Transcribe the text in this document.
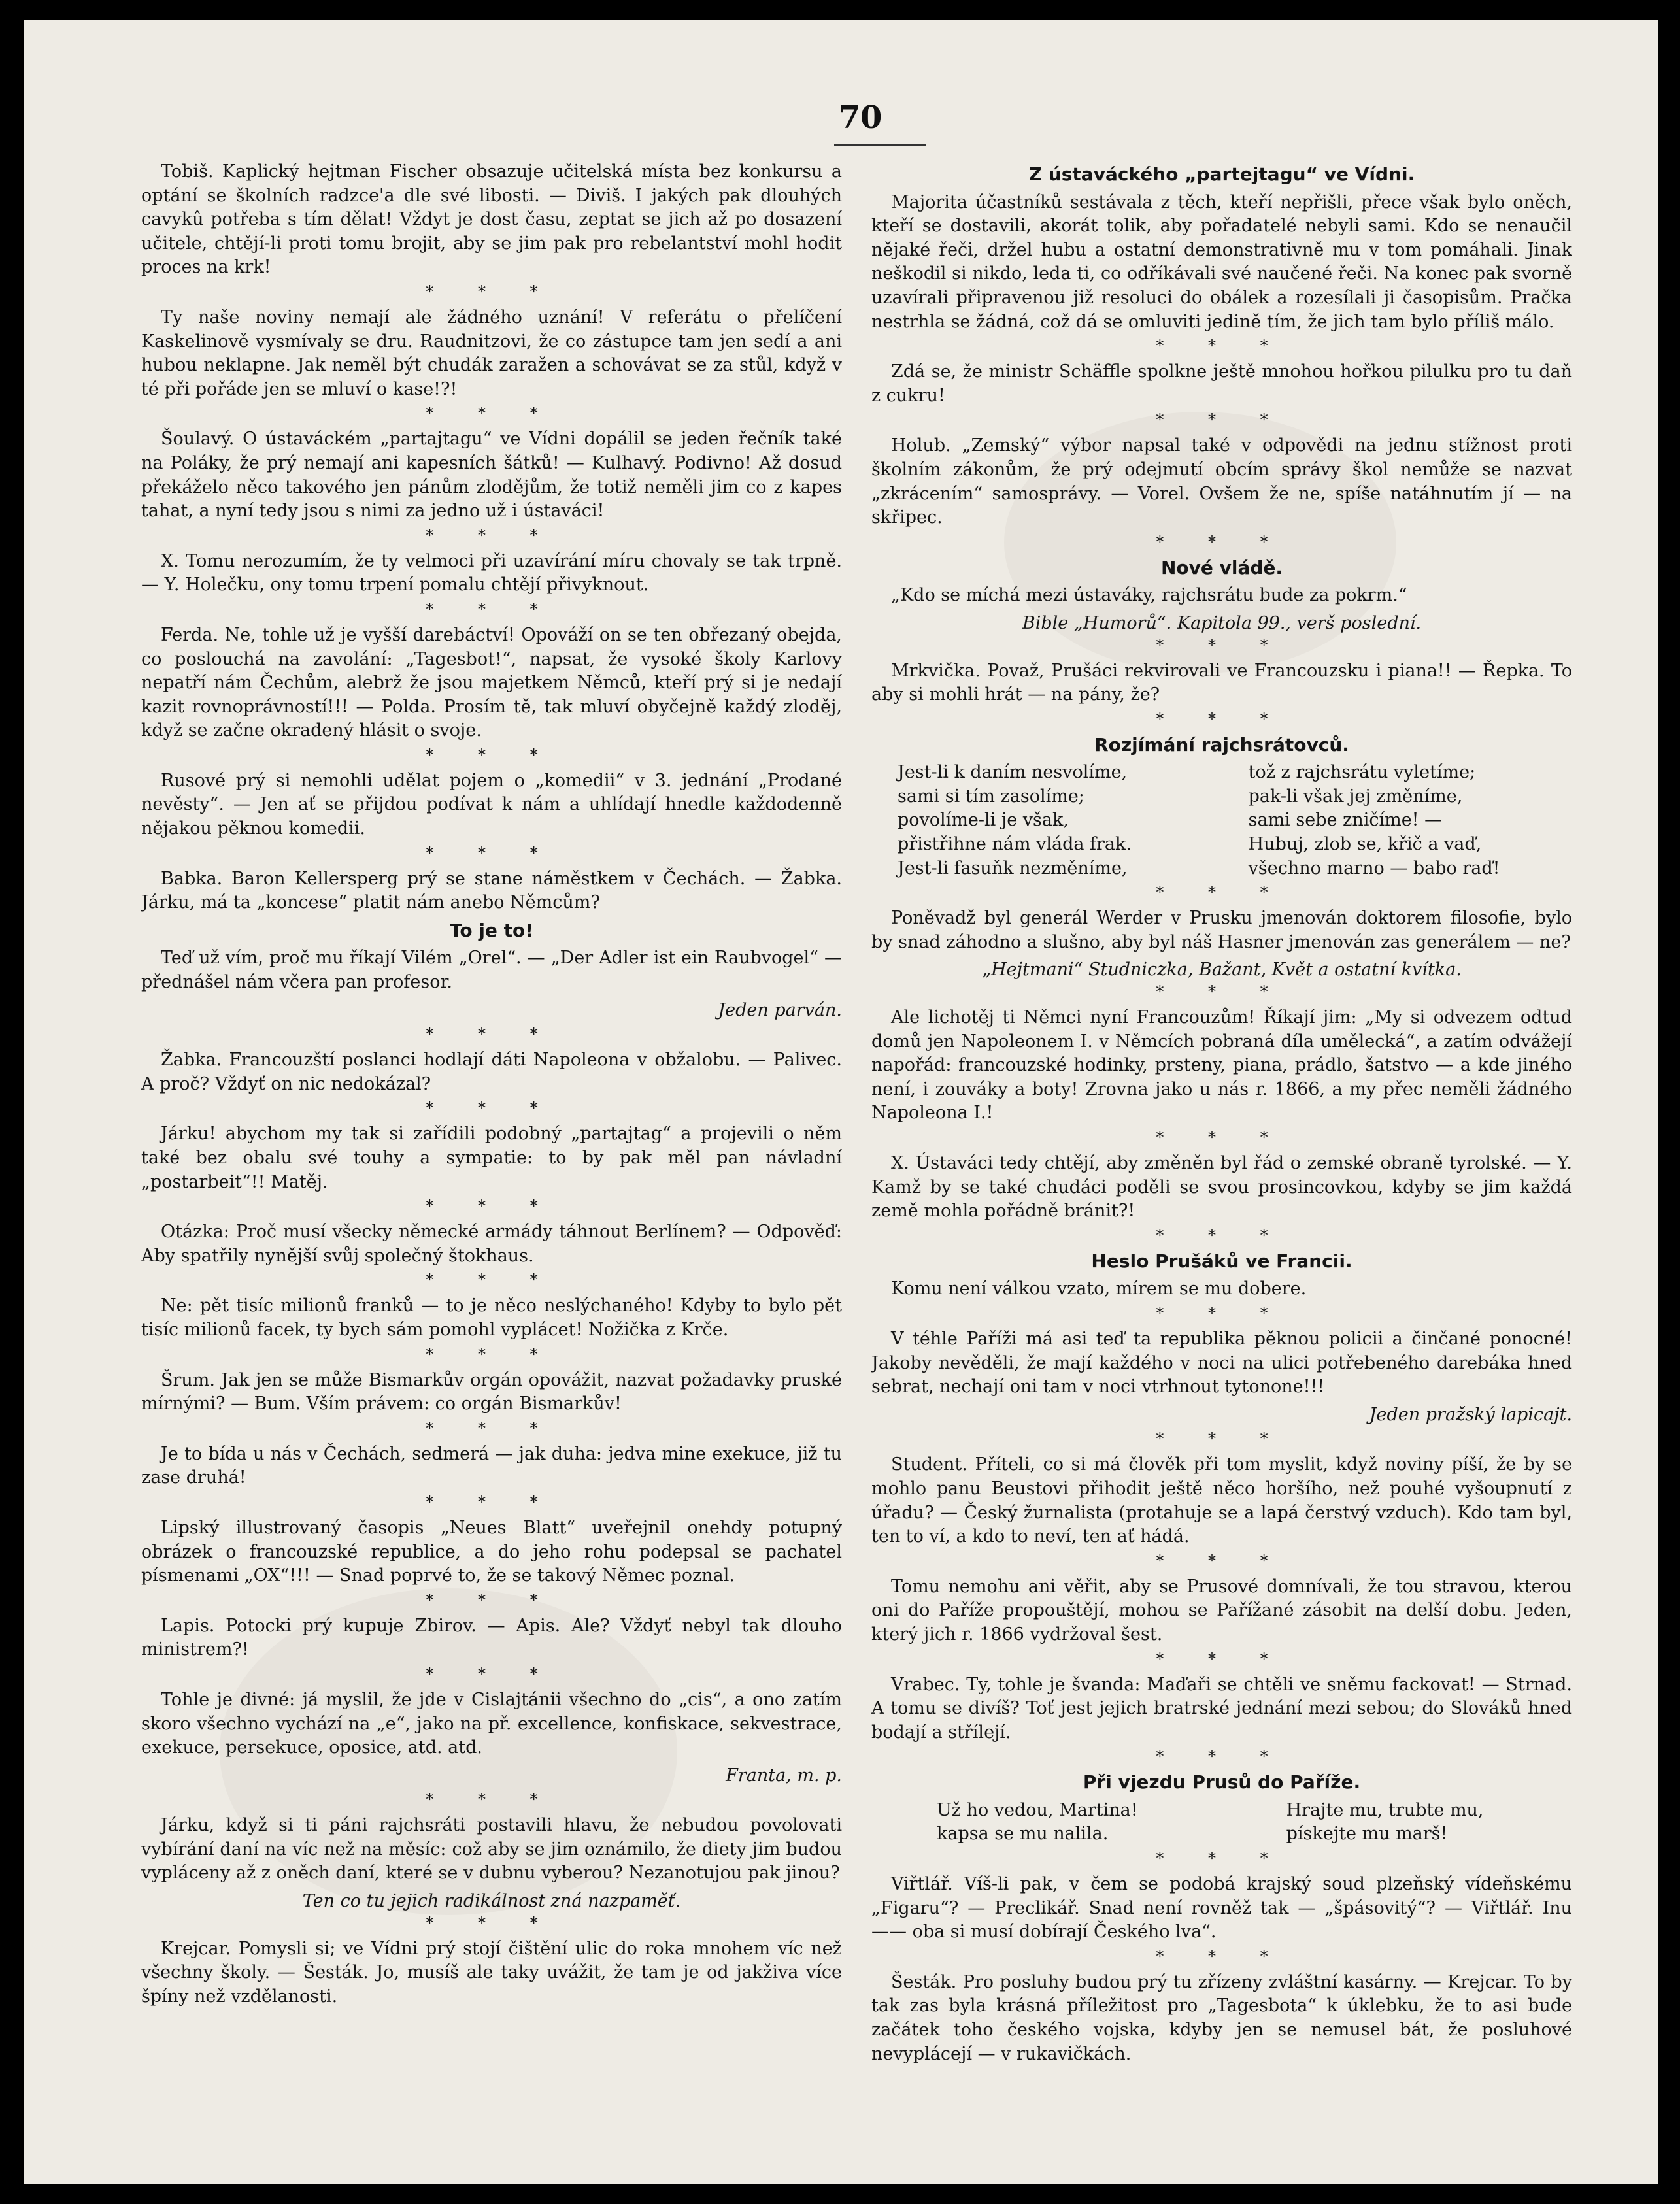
70
Tobiš. Kaplický hejtman Fischer obsazuje učitelská místa bez konkursu a optání se školních radzce'a dle své libosti. — Diviš. I jakých pak dlouhých cavykû potřeba s tím dělat! Vždyt je dost času, zeptat se jich až po dosazení učitele, chtějí-li proti tomu brojit, aby se jim pak pro rebelantství mohl hodit proces na krk!
* * *
Ty naše noviny nemají ale žádného uznání! V referátu o přelíčení Kaskelinově vysmívaly se dru. Raudnitzovi, že co zástupce tam jen sedí a ani hubou neklapne. Jak neměl být chudák zaražen a schovávat se za stůl, když v té při pořáde jen se mluví o kase!?!
* * *
Šoulavý. O ústaváckém „partajtagu“ ve Vídni dopálil se jeden řečník také na Poláky, že prý nemají ani kapesních šátků! — Kulhavý. Podivno! Až dosud překáželo něco takového jen pánům zlodějům, že totiž neměli jim co z kapes tahat, a nyní tedy jsou s nimi za jedno už i ústaváci!
* * *
X. Tomu nerozumím, že ty velmoci při uzavírání míru chovaly se tak trpně. — Y. Holečku, ony tomu trpení pomalu chtějí přivyknout.
* * *
Ferda. Ne, tohle už je vyšší darebáctví! Opováží on se ten obřezaný obejda, co poslouchá na zavolání: „Tagesbot!“, napsat, že vysoké školy Karlovy nepatří nám Čechům, alebrž že jsou majetkem Němců, kteří prý si je nedají kazit rovnoprávností!!! — Polda. Prosím tě, tak mluví obyčejně každý zloděj, když se začne okradený hlásit o svoje.
* * *
Rusové prý si nemohli udělat pojem o „komedii“ v 3. jednání „Prodané nevěsty“. — Jen ať se přijdou podívat k nám a uhlídají hnedle každodenně nějakou pěknou komedii.
* * *
Babka. Baron Kellersperg prý se stane náměstkem v Čechách. — Žabka. Járku, má ta „koncese“ platit nám anebo Němcům?
To je to!
Teď už vím, proč mu říkají Vilém „Orel“. — „Der Adler ist ein Raubvogel“ — přednášel nám včera pan profesor.
Jeden parván.
* * *
Žabka. Francouzští poslanci hodlají dáti Napoleona v obžalobu. — Palivec. A proč? Vždyť on nic nedokázal?
* * *
Járku! abychom my tak si zařídili podobný „partajtag“ a projevili o něm také bez obalu své touhy a sympatie: to by pak měl pan návladní „postarbeit“!! Matěj.
* * *
Otázka: Proč musí všecky německé armády táhnout Berlínem? — Odpověď: Aby spatřily nynější svůj společný štokhaus.
* * *
Ne: pět tisíc milionů franků — to je něco neslýchaného! Kdyby to bylo pět tisíc milionů facek, ty bych sám pomohl vyplácet! Nožička z Krče.
* * *
Šrum. Jak jen se může Bismarkův orgán opovážit, nazvat požadavky pruské mírnými? — Bum. Vším právem: co orgán Bismarkův!
* * *
Je to bída u nás v Čechách, sedmerá — jak duha: jedva mine exekuce, již tu zase druhá!
* * *
Lipský illustrovaný časopis „Neues Blatt“ uveřejnil onehdy potupný obrázek o francouzské republice, a do jeho rohu podepsal se pachatel písmenami „OX“!!! — Snad poprvé to, že se takový Němec poznal.
* * *
Lapis. Potocki prý kupuje Zbirov. — Apis. Ale? Vždyť nebyl tak dlouho ministrem?!
* * *
Tohle je divné: já myslil, že jde v Cislajtánii všechno do „cis“, a ono zatím skoro všechno vychází na „e“, jako na př. excellence, konfiskace, sekvestrace, exekuce, persekuce, oposice, atd. atd.
Franta, m. p.
* * *
Járku, když si ti páni rajchsráti postavili hlavu, že nebudou povolovati vybírání daní na víc než na měsíc: což aby se jim oznámilo, že diety jim budou vypláceny až z oněch daní, které se v dubnu vyberou? Nezanotujou pak jinou?
Ten co tu jejich radikálnost zná nazpaměť.
* * *
Krejcar. Pomysli si; ve Vídni prý stojí čištění ulic do roka mnohem víc než všechny školy. — Šesták. Jo, musíš ale taky uvážit, že tam je od jakživa více špíny než vzdělanosti.
Z ústaváckého „partejtagu“ ve Vídni.
Majorita účastníků sestávala z těch, kteří nepřišli, přece však bylo oněch, kteří se dostavili, akorát tolik, aby pořadatelé nebyli sami. Kdo se nenaučil nějaké řeči, držel hubu a ostatní demonstrativně mu v tom pomáhali. Jinak neškodil si nikdo, leda ti, co odříkávali své naučené řeči. Na konec pak svorně uzavírali připravenou již resoluci do obálek a rozesílali ji časopisům. Pračka nestrhla se žádná, což dá se omluviti jedině tím, že jich tam bylo příliš málo.
* * *
Zdá se, že ministr Schäffle spolkne ještě mnohou hořkou pilulku pro tu daň z cukru!
* * *
Holub. „Zemský“ výbor napsal také v odpovědi na jednu stížnost proti školním zákonům, že prý odejmutí obcím správy škol nemůže se nazvat „zkrácením“ samosprávy. — Vorel. Ovšem že ne, spíše natáhnutím jí — na skřipec.
* * *
Nové vládě.
„Kdo se míchá mezi ústaváky, rajchsrátu bude za pokrm.“
Bible „Humorů“. Kapitola 99., verš poslední.
* * *
Mrkvička. Považ, Prušáci rekvirovali ve Francouzsku i piana!! — Řepka. To aby si mohli hrát — na pány, že?
* * *
Rozjímání rajchsrátovců.
Jest-li k daním nesvolíme,
sami si tím zasolíme;
povolíme-li je však,
přistřihne nám vláda frak.
Jest-li fasuňk nezměníme,
tož z rajchsrátu vyletíme;
pak-li však jej změníme,
sami sebe zničíme! —
Hubuj, zlob se, křič a vaď,
všechno marno — babo raď!
* * *
Poněvadž byl generál Werder v Prusku jmenován doktorem filosofie, bylo by snad záhodno a slušno, aby byl náš Hasner jmenován zas generálem — ne?
„Hejtmani“ Studniczka, Bažant, Květ a ostatní kvítka.
* * *
Ale lichotěj ti Němci nyní Francouzům! Říkají jim: „My si odvezem odtud domů jen Napoleonem I. v Němcích pobraná díla umělecká“, a zatím odvážejí napořád: francouzské hodinky, prsteny, piana, prádlo, šatstvo — a kde jiného není, i zouváky a boty! Zrovna jako u nás r. 1866, a my přec neměli žádného Napoleona I.!
* * *
X. Ústaváci tedy chtějí, aby změněn byl řád o zemské obraně tyrolské. — Y. Kamž by se také chudáci poděli se svou prosincovkou, kdyby se jim každá země mohla pořádně bránit?!
* * *
Heslo Prušáků ve Francii.
Komu není válkou vzato, mírem se mu dobere.
* * *
V téhle Paříži má asi teď ta republika pěknou policii a činčané ponocné! Jakoby nevěděli, že mají každého v noci na ulici potřebeného darebáka hned sebrat, nechají oni tam v noci vtrhnout tytonone!!!
Jeden pražský lapicajt.
* * *
Student. Příteli, co si má člověk při tom myslit, když noviny píší, že by se mohlo panu Beustovi přihodit ještě něco horšího, než pouhé vyšoupnutí z úřadu? — Český žurnalista (protahuje se a lapá čerstvý vzduch). Kdo tam byl, ten to ví, a kdo to neví, ten ať hádá.
* * *
Tomu nemohu ani věřit, aby se Prusové domnívali, že tou stravou, kterou oni do Paříže propouštějí, mohou se Pařížané zásobit na delší dobu. Jeden, který jich r. 1866 vydržoval šest.
* * *
Vrabec. Ty, tohle je švanda: Maďaři se chtěli ve sněmu fackovat! — Strnad. A tomu se divíš? Toť jest jejich bratrské jednání mezi sebou; do Slováků hned bodají a střílejí.
* * *
Při vjezdu Prusů do Paříže.
Už ho vedou, Martina!
kapsa se mu nalila.
Hrajte mu, trubte mu,
pískejte mu marš!
* * *
Viřtlář. Víš-li pak, v čem se podobá krajský soud plzeňský vídeňskému „Figaru“? — Preclikář. Snad není rovněž tak — „špásovitý“? — Viřtlář. Inu —— oba si musí dobírají Českého lva“.
* * *
Šesták. Pro posluhy budou prý tu zřízeny zvláštní kasárny. — Krejcar. To by tak zas byla krásná příležitost pro „Tagesbota“ k úklebku, že to asi bude začátek toho českého vojska, kdyby jen se nemusel bát, že posluhové nevyplácejí — v rukavičkách.
